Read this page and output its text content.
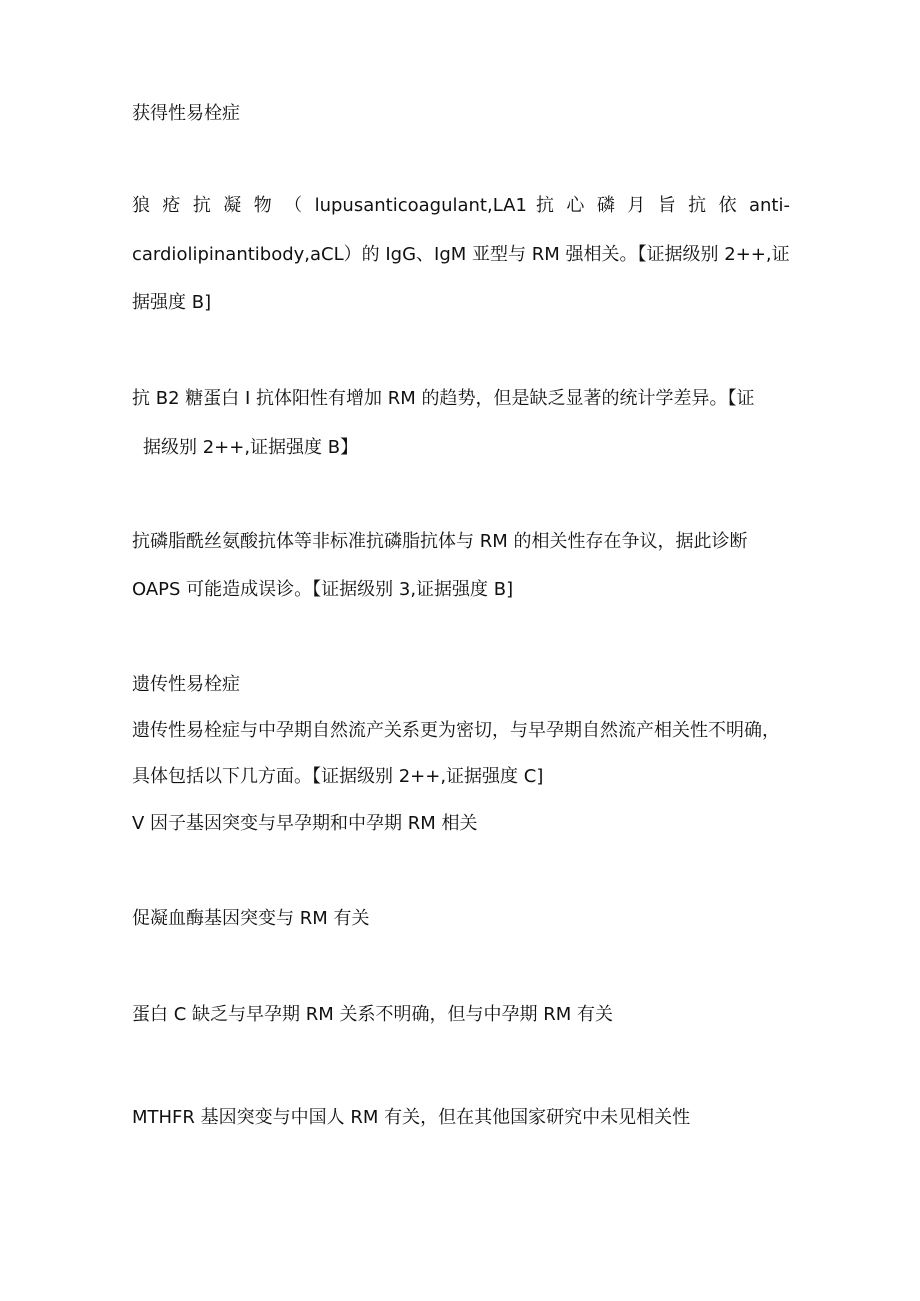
获得性易栓症
狼 疮 抗 凝 物 （ lupusanticoagulant,LA1 抗 心 磷 月 旨 抗 依 anti-
cardiolipinantibody,aCL）的 IgG、IgM 亚型与 RM 强相关。【证据级别 2++,证
据强度 B]
抗 B2 糖蛋白 I 抗体阳性有增加 RM 的趋势，但是缺乏显著的统计学差异。【证
据级别 2++,证据强度 B】
抗磷脂酰丝氨酸抗体等非标准抗磷脂抗体与 RM 的相关性存在争议，据此诊断
OAPS 可能造成误诊。【证据级别 3,证据强度 B]
遗传性易栓症
遗传性易栓症与中孕期自然流产关系更为密切，与早孕期自然流产相关性不明确，
具体包括以下几方面。【证据级别 2++,证据强度 C]
V 因子基因突变与早孕期和中孕期 RM 相关
促凝血酶基因突变与 RM 有关
蛋白 C 缺乏与早孕期 RM 关系不明确，但与中孕期 RM 有关
MTHFR 基因突变与中国人 RM 有关，但在其他国家研究中未见相关性
